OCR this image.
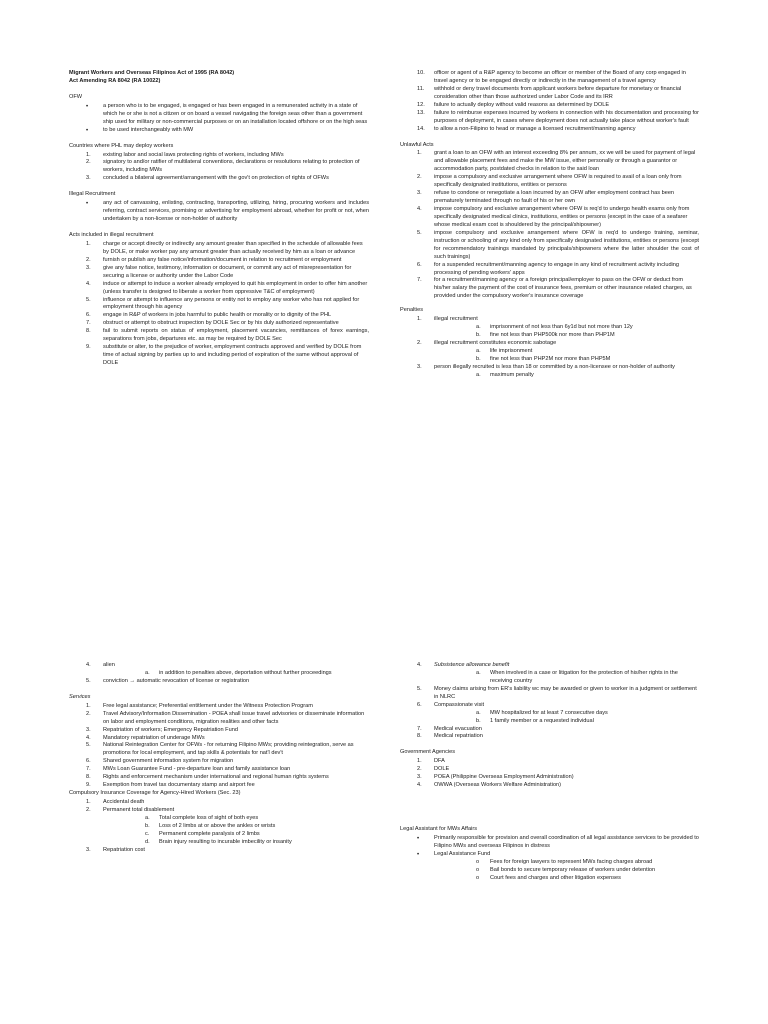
Migrant Workers and Overseas Filipinos Act of 1995 (RA 8042)
Act Amending RA 8042 (RA 10022)
OFW
•	a person who is to be engaged, is engaged or has been engaged in a remunerated activity in a state of which he or she is not a citizen or on board a vessel navigating the foreign seas other than a government ship used for military or non-commercial purposes or on an installation located offshore or on the high seas
•	to be used interchangeably with MW
Countries where PHL may deploy workers
1. existing labor and social laws protecting rights of workers, including MWs
2. signatory to and/or ratifier of multilateral conventions, declarations or resolutions relating to protection of workers, including MWs
3. concluded a bilateral agreement/arrangement with the gov't on protection of rights of OFWs
Illegal Recruitment
•	any act of canvassing, enlisting, contracting, transporting, utilizing, hiring, procuring workers and includes referring, contract services, promising or advertising for employment abroad, whether for profit or not, when undertaken by a non-license or non-holder of authority
Acts included in illegal recruitment
1. charge or accept directly or indirectly any amount greater than specified in the schedule of allowable fees by DOLE, or make worker pay any amount greater than actually received by him as a loan or advance
2. furnish or publish any false notice/information/document in relation to recruitment or employment
3. give any false notice, testimony, information or document, or commit any act of misrepresentation for securing a license or authority under the Labor Code
4. induce or attempt to induce a worker already employed to quit his employment in order to offer him another (unless transfer is designed to liberate a worker from oppressive T&C of employment)
5. influence or attempt to influence any persons or entity not to employ any worker who has not applied for employment through his agency
6. engage in R&P of workers in jobs harmful to public health or morality or to dignity of the PHL
7. obstruct or attempt to obstruct inspection by DOLE Sec or by his duly authorized representative
8. fail to submit reports on status of employment, placement vacancies, remittances of forex earnings, separations from jobs, departures etc. as may be required by DOLE Sec
9. substitute or alter, to the prejudice of worker, employment contracts approved and verified by DOLE from time of actual signing by parties up to and including period of expiration of the same without approval of DOLE
10. officer or agent of a R&P agency to become an officer or member of the Board of any corp engaged in travel agency or to be engaged directly or indirectly in the management of a travel agency
11. withhold or deny travel documents from applicant workers before departure for monetary or financial consideration other than those authorized under Labor Code and its IRR
12. failure to actually deploy without valid reasons as determined by DOLE
13. failure to reimburse expenses incurred by workers in connection with his documentation and processing for purposes of deployment, in cases where deployment does not actually take place without worker's fault
14. to allow a non-Filipino to head or manage a licensed recruitment/manning agency
Unlawful Acts
1. grant a loan to an OFW with an interest exceeding 8% per annum, xx we will be used for payment of legal and allowable placement fees and make the MW issue, either personally or through a guarantor or accommodation party, postdated checks in relation to the said loan
2. impose a compulsory and exclusive arrangement where OFW is required to avail of a loan only from specifically designated institutions, entities or persons
3. refuse to condone or renegotiate a loan incurred by an OFW after employment contract has been prematurely terminated through no fault of his or her own
4. impose compulsory and exclusive arrangement where OFW is req'd to undergo health exams only from specifically designated medical clinics, institutions, entities or persons (except in the case of a seafarer whose medical exam cost is shouldered by the principal/shipowner)
5. impose compulsory and exclusive arrangement where OFW is req'd to undergo training, seminar, instruction or schooling of any kind only from specifically designated institutions, entities or persons (except for recommendatory trainings mandated by principals/shipowners where the latter shoulder the cost of such trainings)
6. for a suspended recruitment/manning agency to engage in any kind of recruitment activity including processing of pending workers' apps
7. for a recruitment/manning agency or a foreign principal/employer to pass on the OFW or deduct from his/her salary the payment of the cost of insurance fees, premium or other insurance related charges, as provided under the compulsory worker's insurance coverage
Penalties
1. illegal recruitment
a. imprisonment of not less than 6y1d but not more than 12y
b. fine not less than PHP500k nor more than PHP1M
2. illegal recruitment constitutes economic sabotage
a. life imprisonment
b. fine not less than PHP2M nor more than PHP5M
3. person illegally recruited is less than 18 or committed by a non-licensee or non-holder of authority
a. maximum penalty
4. alien
a. in addition to penalties above, deportation without further proceedings
5. conviction → automatic revocation of license or registration
Services
1. Free legal assistance; Preferential entitlement under the Witness Protection Program
2. Travel Advisory/Information Dissemination - POEA shall issue travel advisories or disseminate information on labor and employment conditions, migration realities and other facts
3. Repatriation of workers; Emergency Repatriation Fund
4. Mandatory repatriation of underage MWs
5. National Reintegration Center for OFWs - for returning Filipino MWs; providing reintegration, serve as promotions for local employment, and tap skills & potentials for nat'l dev't
6. Shared government information system for migration
7. MWs Loan Guarantee Fund - pre-departure loan and family assistance loan
8. Rights and enforcement mechanism under international and regional human rights systems
9. Exemption from travel tax documentary stamp and airport fee
Compulsory Insurance Coverage for Agency-Hired Workers (Sec. 23)
1. Accidental death
2. Permanent total disablement
a. Total complete loss of sight of both eyes
b. Loss of 2 limbs at or above the ankles or wrists
c. Permanent complete paralysis of 2 limbs
d. Brain injury resulting to incurable imbecility or insanity
3. Repatriation cost
4. Subsistence allowance benefit
a. When involved in a case or litigation for the protection of his/her rights in the receiving country
5. Money claims arising from ER's liability wc may be awarded or given to worker in a judgment or settlement in NLRC
6. Compassionate visit
a. MW hospitalized for at least 7 consecutive days
b. 1 family member or a requested individual
7. Medical evacuation
8. Medical repatriation
Government Agencies
1. DFA
2. DOLE
3. POEA (Philippine Overseas Employment Administration)
4. OWWA (Overseas Workers Welfare Administration)
Legal Assistant for MWs Affairs
•	Primarily responsible for provision and overall coordination of all legal assistance services to be provided to Filipino MWs and overseas Filipinos in distress
•	Legal Assistance Fund
o Fees for foreign lawyers to represent MWs facing charges abroad
o Bail bonds to secure temporary release of workers under detention
o Court fees and charges and other litigation expenses
